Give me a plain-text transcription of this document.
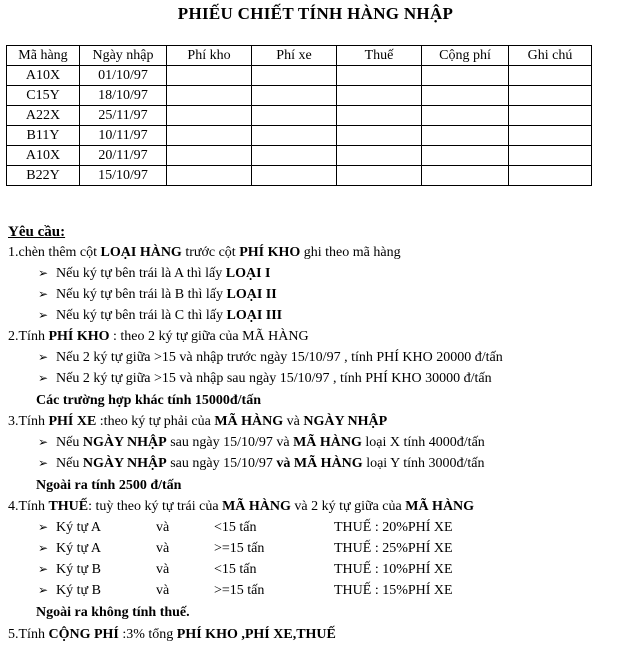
PHIẾU CHIẾT TÍNH HÀNG NHẬP
Mã hàng	Ngày nhập	Phí kho	Phí xe	Thuế	Cộng phí	Ghi chú
A10X	01/10/97					
C15Y	18/10/97					
A22X	25/11/97					
B11Y	10/11/97					
A10X	20/11/97					
B22Y	15/10/97					
Yêu cầu:
1.chèn thêm cột LOẠI HÀNG trước cột PHÍ KHO ghi theo mã hàng
➢ Nếu ký tự bên trái là A thì lấy LOẠI I
➢ Nếu ký tự bên trái là B thì lấy LOẠI II
➢ Nếu ký tự bên trái là C thì lấy LOẠI III
2.Tính PHÍ KHO : theo 2 ký tự giữa của MÃ HÀNG
➢ Nếu 2 ký tự giữa >15 và nhập trước ngày 15/10/97 , tính PHÍ KHO 20000 đ/tấn
➢ Nếu 2 ký tự giữa >15 và nhập sau ngày 15/10/97 , tính PHÍ KHO 30000 đ/tấn
Các trường hợp khác tính 15000đ/tấn
3.Tính PHÍ XE :theo ký tự phải của MÃ HÀNG và NGÀY NHẬP
➢ Nếu NGÀY NHẬP sau ngày 15/10/97 và MÃ HÀNG loại X tính 4000đ/tấn
➢ Nếu NGÀY NHẬP sau ngày 15/10/97 và MÃ HÀNG loại Y tính 3000đ/tấn
Ngoài ra tính 2500 đ/tấn
4.Tính THUẾ: tuỳ theo ký tự trái của MÃ HÀNG và 2 ký tự giữa của MÃ HÀNG
➢ Ký tự A	và	<15 tấn	THUẾ : 20%PHÍ XE
➢ Ký tự A	và	>=15 tấn	THUẾ : 25%PHÍ XE
➢ Ký tự B	và	<15 tấn	THUẾ : 10%PHÍ XE
➢ Ký tự B	và	>=15 tấn	THUẾ : 15%PHÍ XE
Ngoài ra không tính thuế.
5.Tính CỘNG PHÍ :3% tổng PHÍ KHO ,PHÍ XE,THUẾ
